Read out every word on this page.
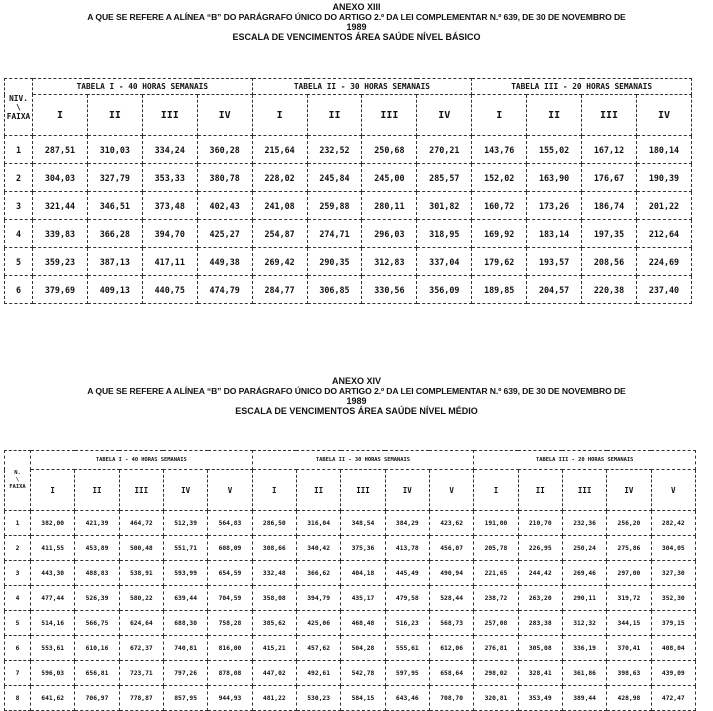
ANEXO XIII
A QUE SE REFERE A ALÍNEA “B” DO PARÁGRAFO ÚNICO DO ARTIGO 2.º DA LEI COMPLEMENTAR N.º 639, DE 30 DE NOVEMBRO DE
1989
ESCALA DE VENCIMENTOS ÁREA SAÚDE NÍVEL BÁSICO
NIV.
\
FAIXA	TABELA I - 40 HORAS SEMANAIS				TABELA II - 30 HORAS SEMANAIS				TABELA III - 20 HORAS SEMANAIS			
	I	II	III	IV	I	II	III	IV	I	II	III	IV
1	287,51	310,03	334,24	360,28	215,64	232,52	250,68	270,21	143,76	155,02	167,12	180,14
2	304,03	327,79	353,33	380,78	228,02	245,84	245,00	285,57	152,02	163,90	176,67	190,39
3	321,44	346,51	373,48	402,43	241,08	259,88	280,11	301,82	160,72	173,26	186,74	201,22
4	339,83	366,28	394,70	425,27	254,87	274,71	296,03	318,95	169,92	183,14	197,35	212,64
5	359,23	387,13	417,11	449,38	269,42	290,35	312,83	337,04	179,62	193,57	208,56	224,69
6	379,69	409,13	440,75	474,79	284,77	306,85	330,56	356,09	189,85	204,57	220,38	237,40
ANEXO XIV
A QUE SE REFERE A ALÍNEA “B” DO PARÁGRAFO ÚNICO DO ARTIGO 2.º DA LEI COMPLEMENTAR N.º 639, DE 30 DE NOVEMBRO DE
1989
ESCALA DE VENCIMENTOS ÁREA SAÚDE NÍVEL MÉDIO
N.
\
FAIXA	TABELA I - 40 HORAS SEMANAIS					TABELA II - 30 HORAS SEMANAIS					TABELA III - 20 HORAS SEMANAIS				
	I	II	III	IV	V	I	II	III	IV	V	I	II	III	IV	V
1	382,00	421,39	464,72	512,39	564,83	286,50	316,04	348,54	384,29	423,62	191,00	210,70	232,36	256,20	282,42
2	411,55	453,89	500,48	551,71	608,09	308,66	340,42	375,36	413,78	456,07	205,78	226,95	250,24	275,86	304,05
3	443,30	488,83	538,91	593,99	654,59	332,48	366,62	404,18	445,49	490,94	221,65	244,42	269,46	297,00	327,30
4	477,44	526,39	580,22	639,44	704,59	358,08	394,79	435,17	479,58	528,44	238,72	263,20	290,11	319,72	352,30
5	514,16	566,75	624,64	688,30	758,28	385,62	425,06	468,48	516,23	568,73	257,08	283,38	312,32	344,15	379,15
6	553,61	610,16	672,37	740,81	816,00	415,21	457,62	504,28	555,61	612,06	276,81	305,08	336,19	370,41	408,04
7	596,03	656,81	723,71	797,26	878,08	447,02	492,61	542,78	597,95	658,64	298,02	328,41	361,86	398,63	439,09
8	641,62	706,97	778,87	857,95	944,93	481,22	530,23	584,15	643,46	708,70	320,81	353,49	389,44	428,98	472,47
